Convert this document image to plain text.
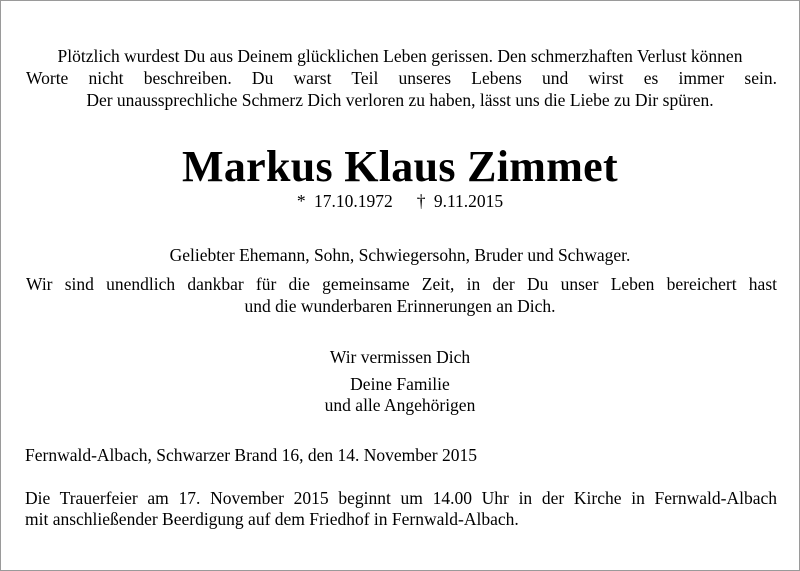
Plötzlich wurdest Du aus Deinem glücklichen Leben gerissen. Den schmerzhaften Verlust können
Worte nicht beschreiben. Du warst Teil unseres Lebens und wirst es immer sein.
Der unaussprechliche Schmerz Dich verloren zu haben, lässt uns die Liebe zu Dir spüren.
Markus Klaus Zimmet
* 17.10.1972 † 9.11.2015
Geliebter Ehemann, Sohn, Schwiegersohn, Bruder und Schwager.
Wir sind unendlich dankbar für die gemeinsame Zeit, in der Du unser Leben bereichert hast
und die wunderbaren Erinnerungen an Dich.
Wir vermissen Dich
Deine Familie
und alle Angehörigen
Fernwald-Albach, Schwarzer Brand 16, den 14. November 2015
Die Trauerfeier am 17. November 2015 beginnt um 14.00 Uhr in der Kirche in Fernwald-Albach
mit anschließender Beerdigung auf dem Friedhof in Fernwald-Albach.
